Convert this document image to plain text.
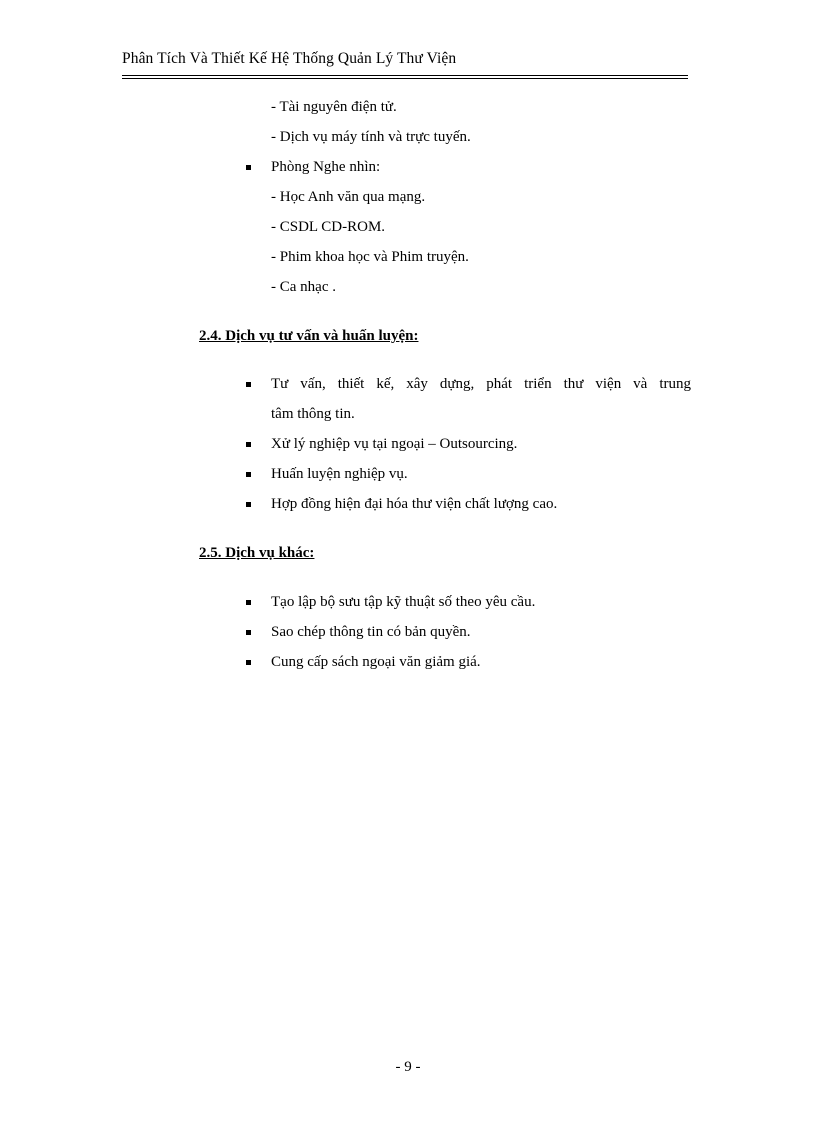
Phân Tích Và Thiết Kế Hệ Thống Quản Lý Thư Viện
- Tài nguyên điện tử.
- Dịch vụ máy tính và trực tuyến.
Phòng Nghe nhìn:
- Học Anh văn qua mạng.
- CSDL CD-ROM.
- Phim khoa học và Phim truyện.
- Ca nhạc .
2.4. Dịch vụ tư vấn và huấn luyện:
Tư vấn, thiết kế, xây dựng, phát triển thư viện và trung
tâm thông tin.
Xử lý nghiệp vụ tại ngoại – Outsourcing.
Huấn luyện nghiệp vụ.
Hợp đồng hiện đại hóa thư viện chất lượng cao.
2.5. Dịch vụ khác:
Tạo lập bộ sưu tập kỹ thuật số theo yêu cầu.
Sao chép thông tin có bản quyền.
Cung cấp sách ngoại văn giảm giá.
- 9 -
